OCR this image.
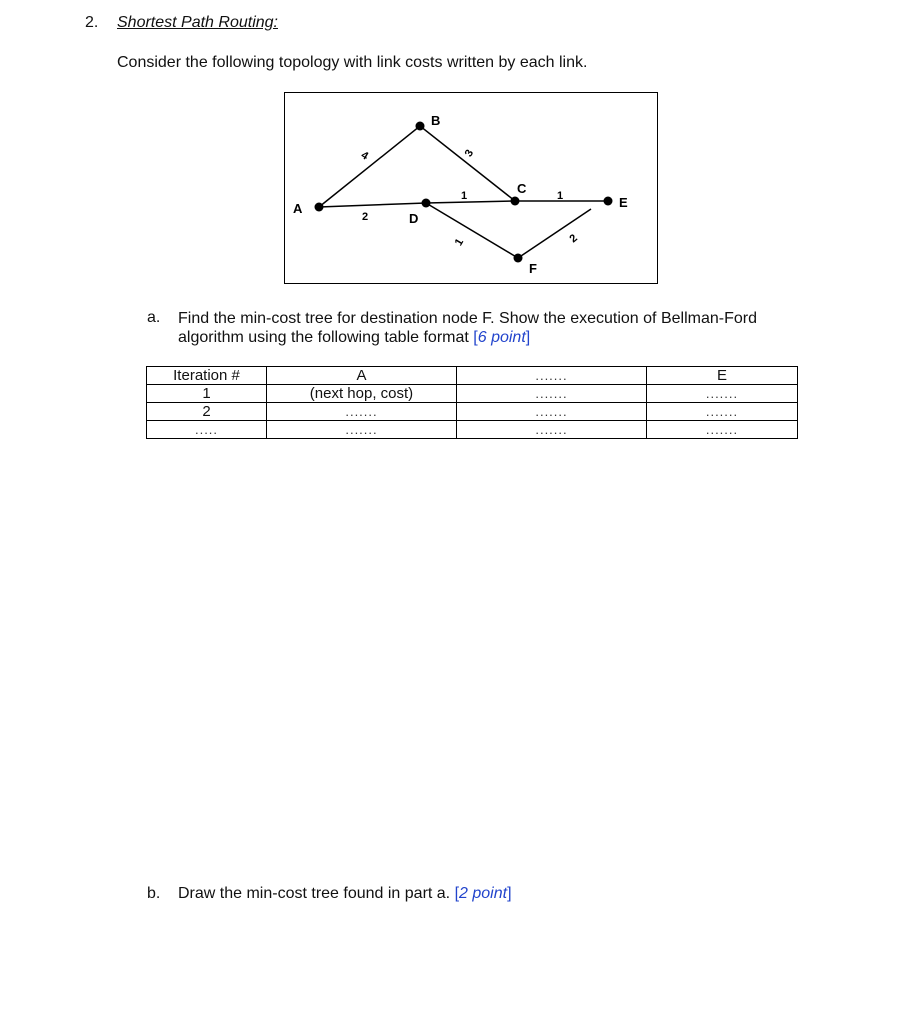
2. Shortest Path Routing:
Consider the following topology with link costs written by each link.
A
B
C
D
E
F
4
2
3
1	1
1	2
a. Find the min-cost tree for destination node F. Show the execution of Bellman-Ford algorithm using the following table format [6 point]
Iteration #	A	.......	E
1	(next hop, cost)	.......	.......
2	.......	.......	.......
.....	.......	.......	.......
b. Draw the min-cost tree found in part a. [2 point]
